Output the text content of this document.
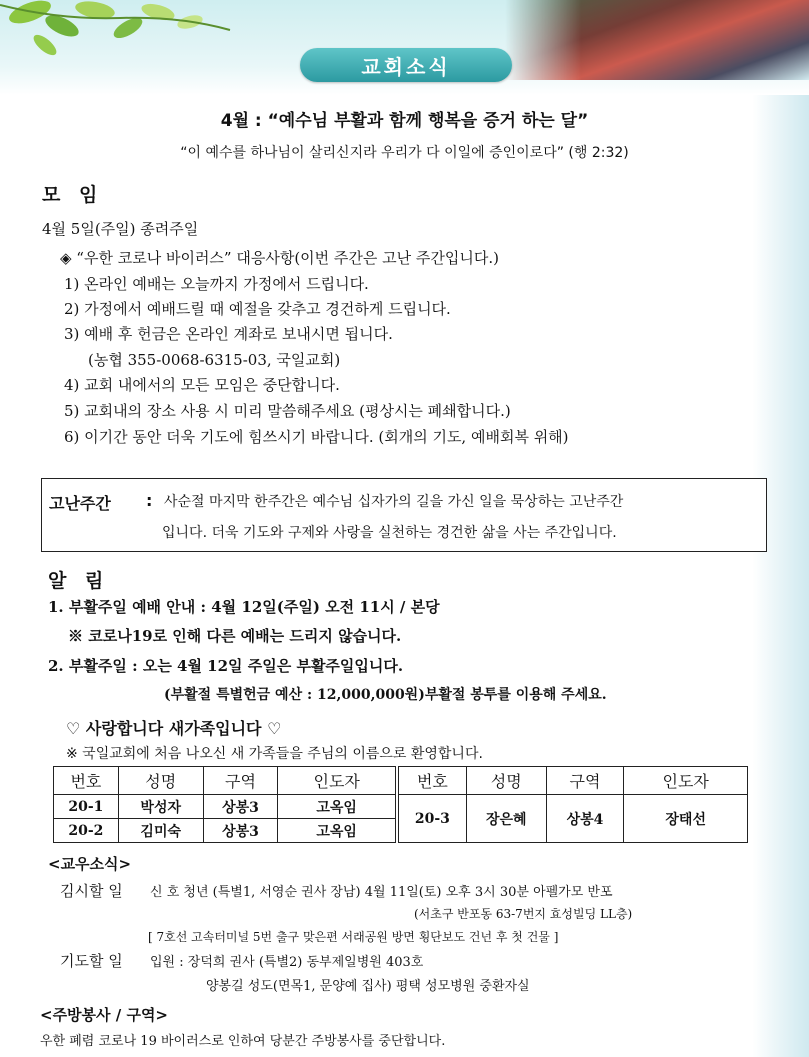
교회소식
4월 : “예수님 부활과 함께 행복을 증거 하는 달”
“이 예수를 하나님이 살리신지라 우리가 다 이일에 증인이로다” (행 2:32)
모 임
4월 5일(주일) 종려주일
◈ “우한 코로나 바이러스” 대응사항(이번 주간은 고난 주간입니다.)
1) 온라인 예배는 오늘까지 가정에서 드립니다.
2) 가정에서 예배드릴 때 예절을 갖추고 경건하게 드립니다.
3) 예배 후 헌금은 온라인 계좌로 보내시면 됩니다.
(농협 355-0068-6315-03, 국일교회)
4) 교회 내에서의 모든 모임은 중단합니다.
5) 교회내의 장소 사용 시 미리 말씀해주세요 (평상시는 폐쇄합니다.)
6) 이기간 동안 더욱 기도에 힘쓰시기 바랍니다. (회개의 기도, 예배회복 위해)
고난주간 : 사순절 마지막 한주간은 예수님 십자가의 길을 가신 일을 묵상하는 고난주간
입니다. 더욱 기도와 구제와 사랑을 실천하는 경건한 삶을 사는 주간입니다.
알 림
1. 부활주일 예배 안내 : 4월 12일(주일) 오전 11시 / 본당
※ 코로나19로 인해 다른 예배는 드리지 않습니다.
2. 부활주일 : 오는 4월 12일 주일은 부활주일입니다.
(부활절 특별헌금 예산 : 12,000,000원)부활절 봉투를 이용해 주세요.
♡ 사랑합니다 새가족입니다 ♡
※ 국일교회에 처음 나오신 새 가족들을 주님의 이름으로 환영합니다.
번호	성명	구역	인도자
20-1	박성자	상봉3	고옥임
20-2	김미숙	상봉3	고옥임
번호	성명	구역	인도자
20-3	장은혜	상봉4	장태선
<교우소식>
김시할 일 신 호 청년 (특별1, 서영순 권사 장남) 4월 11일(토) 오후 3시 30분 아펠가모 반포
(서초구 반포동 63-7번지 효성빌딩 LL층)
[ 7호선 고속터미널 5번 출구 맞은편 서래공원 방면 횡단보도 건넌 후 첫 건물 ]
기도할 일 입원 : 장덕희 권사 (특별2) 동부제일병원 403호
양봉길 성도(면목1, 문양예 집사) 평택 성모병원 중환자실
<주방봉사 / 구역>
우한 폐렴 코로나 19 바이러스로 인하여 당분간 주방봉사를 중단합니다.
